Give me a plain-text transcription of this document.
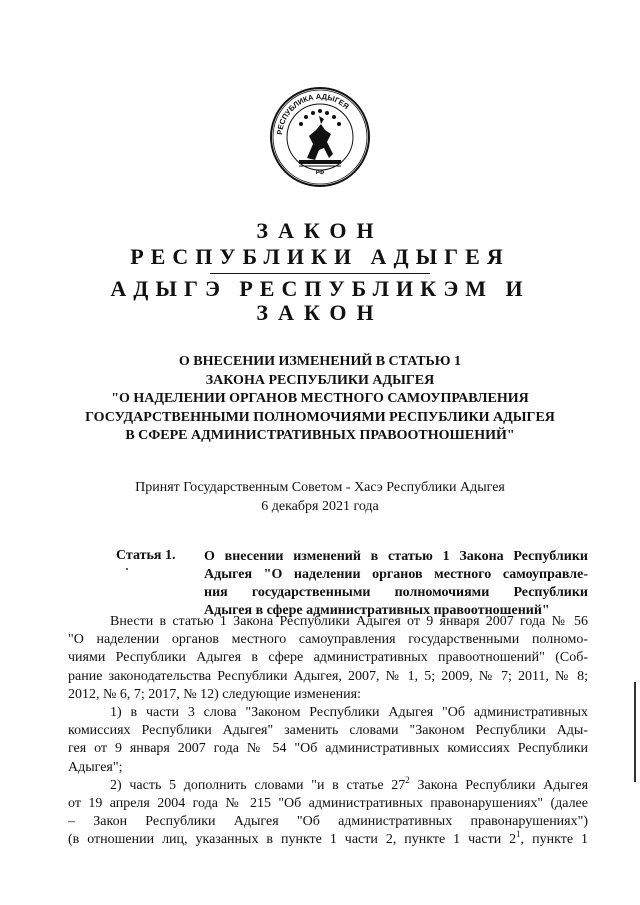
РЕСПУБЛИКА АДЫГЕЯ
РФ
ЗАКОН
РЕСПУБЛИКИ АДЫГЕЯ
АДЫГЭ РЕСПУБЛИКЭМ И
ЗАКОН
О ВНЕСЕНИИ ИЗМЕНЕНИЙ В СТАТЬЮ 1
ЗАКОНА РЕСПУБЛИКИ АДЫГЕЯ
"О НАДЕЛЕНИИ ОРГАНОВ МЕСТНОГО САМОУПРАВЛЕНИЯ
ГОСУДАРСТВЕННЫМИ ПОЛНОМОЧИЯМИ РЕСПУБЛИКИ АДЫГЕЯ
В СФЕРЕ АДМИНИСТРАТИВНЫХ ПРАВООТНОШЕНИЙ"
Принят Государственным Советом - Хасэ Республики Адыгея
6 декабря 2021 года
Статья 1. О внесении изменений в статью 1 Закона Республики
Адыгея "О наделении органов местного самоуправле-
ния государственными полномочиями Республики
Адыгея в сфере административных правоотношений"
Внести в статью 1 Закона Республики Адыгея от 9 января 2007 года № 56
"О наделении органов местного самоуправления государственными полномо-
чиями Республики Адыгея в сфере административных правоотношений" (Соб-
рание законодательства Республики Адыгея, 2007, № 1, 5; 2009, № 7; 2011, № 8;
2012, № 6, 7; 2017, № 12) следующие изменения:
1) в части 3 слова "Законом Республики Адыгея "Об административных
комиссиях Республики Адыгея" заменить словами "Законом Республики Ады-
гея от 9 января 2007 года № 54 "Об административных комиссиях Республики
Адыгея";
2) часть 5 дополнить словами "и в статье $27^2$ Закона Республики Адыгея
от 19 апреля 2004 года № 215 "Об административных правонарушениях" (далее
– Закон Республики Адыгея "Об административных правонарушениях")
(в отношении лиц, указанных в пункте 1 части 2, пункте 1 части $2^1$, пункте 1
